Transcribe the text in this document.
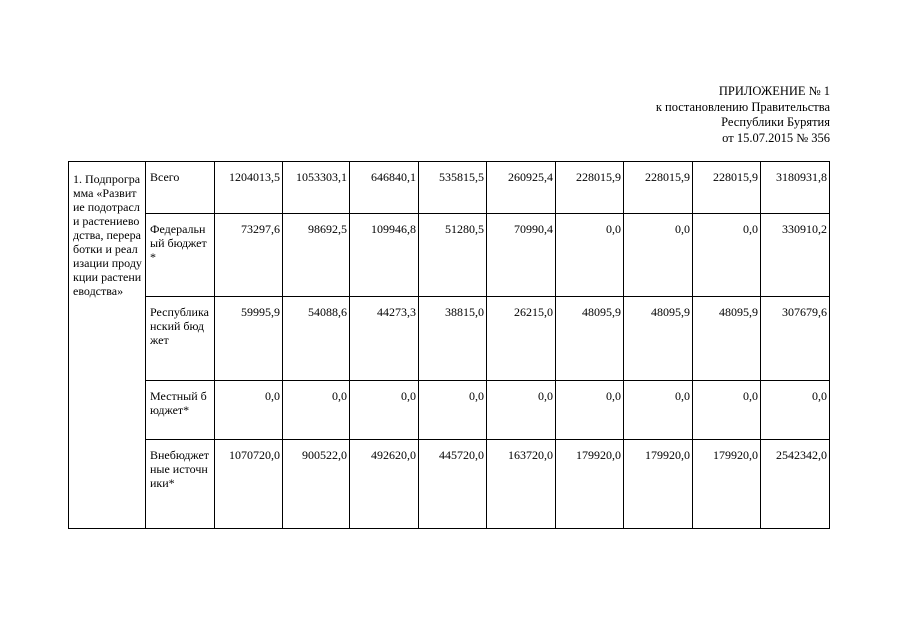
ПРИЛОЖЕНИЕ № 1
к постановлению Правительства
Республики Бурятия
от 15.07.2015 № 356
1. Подпрограмма «Развитие подотрасли растениеводства, переработки и реализации продукции растениеводства»	Всего	1204013,5	1053303,1	646840,1	535815,5	260925,4	228015,9	228015,9	228015,9	3180931,8
	Федеральный бюджет *	73297,6	98692,5	109946,8	51280,5	70990,4	0,0	0,0	0,0	330910,2
	Республиканский бюджет	59995,9	54088,6	44273,3	38815,0	26215,0	48095,9	48095,9	48095,9	307679,6
	Местный бюджет*	0,0	0,0	0,0	0,0	0,0	0,0	0,0	0,0	0,0
	Внебюджетные источники*	1070720,0	900522,0	492620,0	445720,0	163720,0	179920,0	179920,0	179920,0	2542342,0
